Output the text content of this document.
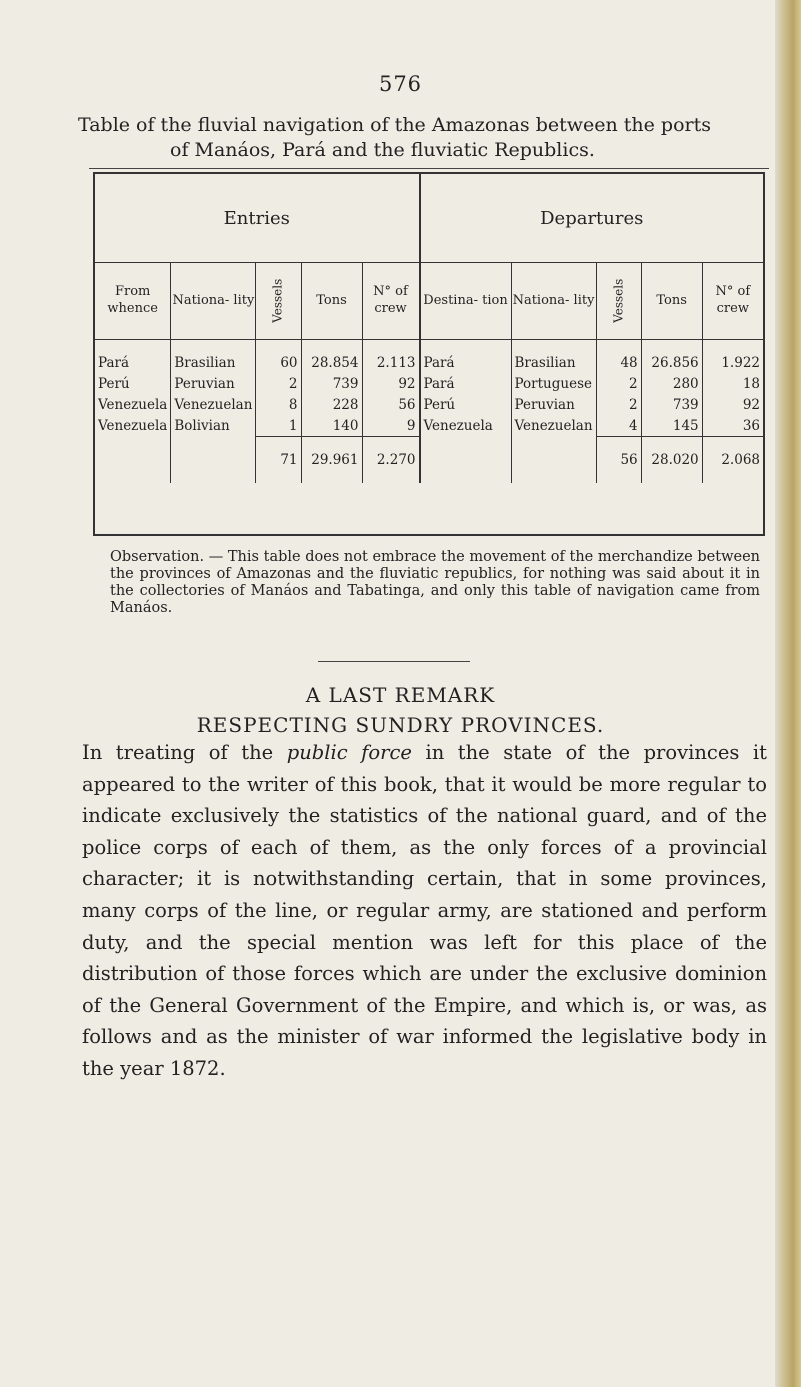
576
Table of the fluvial navigation of the Amazonas between the ports
of Manáos, Pará and the fluviatic Republics.
Entries					Departures				
From whence	Nationa- lity	Vessels	Tons	N° of crew	Destina- tion	Nationa- lity	Vessels	Tons	N° of crew
Pará	Brasilian	60	28.854	2.113	Pará	Brasilian	48	26.856	1.922
Perú	Peruvian	2	739	92	Pará	Portuguese	2	280	18
Venezuela	Venezuelan	8	228	56	Perú	Peruvian	2	739	92
Venezuela	Bolivian	1	140	9	Venezuela	Venezuelan	4	145	36
		71	29.961	2.270			56	28.020	2.068
Observation. — This table does not embrace the movement of the merchandize between the provinces of Amazonas and the fluviatic republics, for nothing was said about it in the collectories of Manáos and Tabatinga, and only this table of navigation came from Manáos.
A LAST REMARK
RESPECTING SUNDRY PROVINCES.
In treating of the public force in the state of the provinces it appeared to the writer of this book, that it would be more regular to indicate exclusively the statistics of the national guard, and of the police corps of each of them, as the only forces of a provincial character; it is notwithstanding certain, that in some provinces, many corps of the line, or regular army, are stationed and perform duty, and the special mention was left for this place of the distribution of those forces which are under the exclusive dominion of the General Government of the Empire, and which is, or was, as follows and as the minister of war informed the legislative body in the year 1872.
